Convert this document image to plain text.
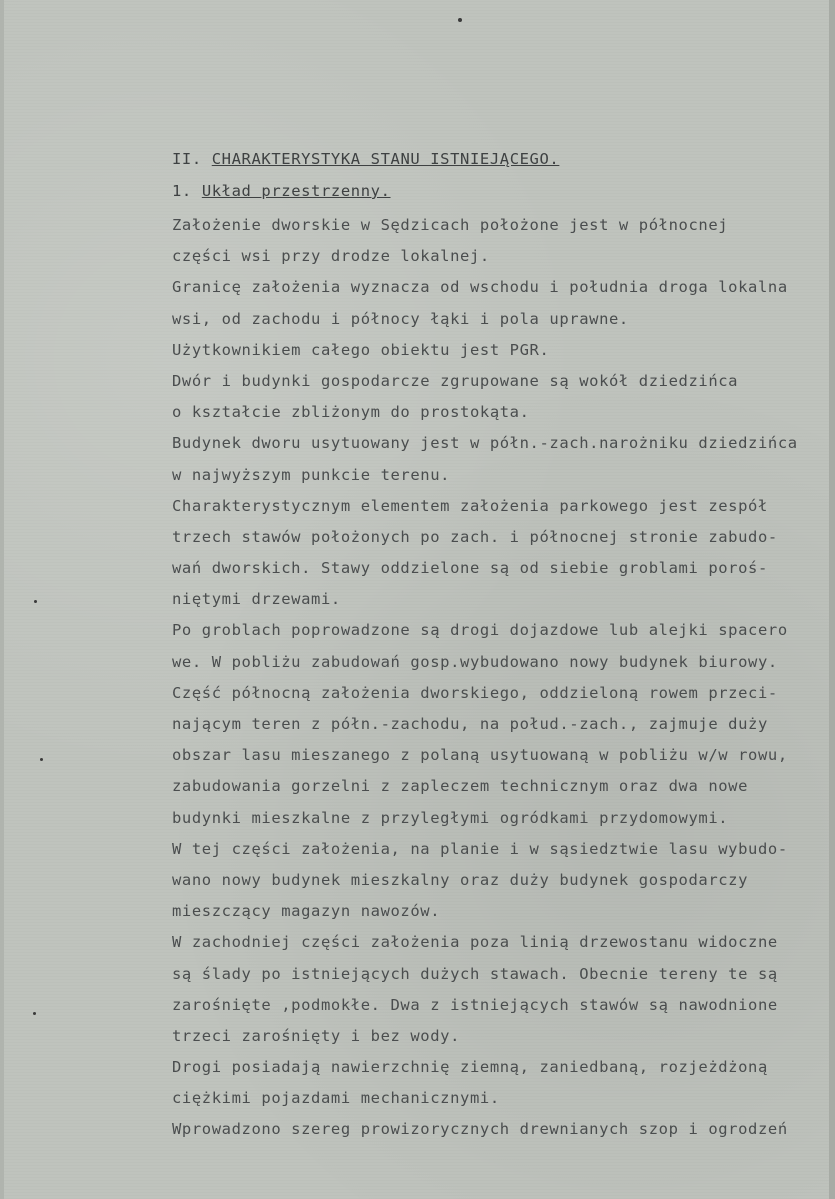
II. CHARAKTERYSTYKA STANU ISTNIEJĄCEGO.
1. Układ przestrzenny.
Założenie dworskie w Sędzicach położone jest w północnej
części wsi przy drodze lokalnej.
Granicę założenia wyznacza od wschodu i południa droga lokalna
wsi, od zachodu i północy łąki i pola uprawne.
Użytkownikiem całego obiektu jest PGR.
Dwór i budynki gospodarcze zgrupowane są wokół dziedzińca
o kształcie zbliżonym do prostokąta.
Budynek dworu usytuowany jest w półn.-zach.narożniku dziedzińca
w najwyższym punkcie terenu.
Charakterystycznym elementem założenia parkowego jest zespół
trzech stawów położonych po zach. i północnej stronie zabudo-
wań dworskich. Stawy oddzielone są od siebie groblami poroś-
niętymi drzewami.
Po groblach poprowadzone są drogi dojazdowe lub alejki spacero
we. W pobliżu zabudowań gosp.wybudowano nowy budynek biurowy.
Część północną założenia dworskiego, oddzieloną rowem przeci-
nającym teren z półn.-zachodu, na połud.-zach., zajmuje duży
obszar lasu mieszanego z polaną usytuowaną w pobliżu w/w rowu,
zabudowania gorzelni z zapleczem technicznym oraz dwa nowe
budynki mieszkalne z przyległymi ogródkami przydomowymi.
W tej części założenia, na planie i w sąsiedztwie lasu wybudo-
wano nowy budynek mieszkalny oraz duży budynek gospodarczy
mieszczący magazyn nawozów.
W zachodniej części założenia poza linią drzewostanu widoczne
są ślady po istniejących dużych stawach. Obecnie tereny te są
zarośnięte ,podmokłe. Dwa z istniejących stawów są nawodnione
trzeci zarośnięty i bez wody.
Drogi posiadają nawierzchnię ziemną, zaniedbaną, rozjeżdżoną
ciężkimi pojazdami mechanicznymi.
Wprowadzono szereg prowizorycznych drewnianych szop i ogrodzeń
